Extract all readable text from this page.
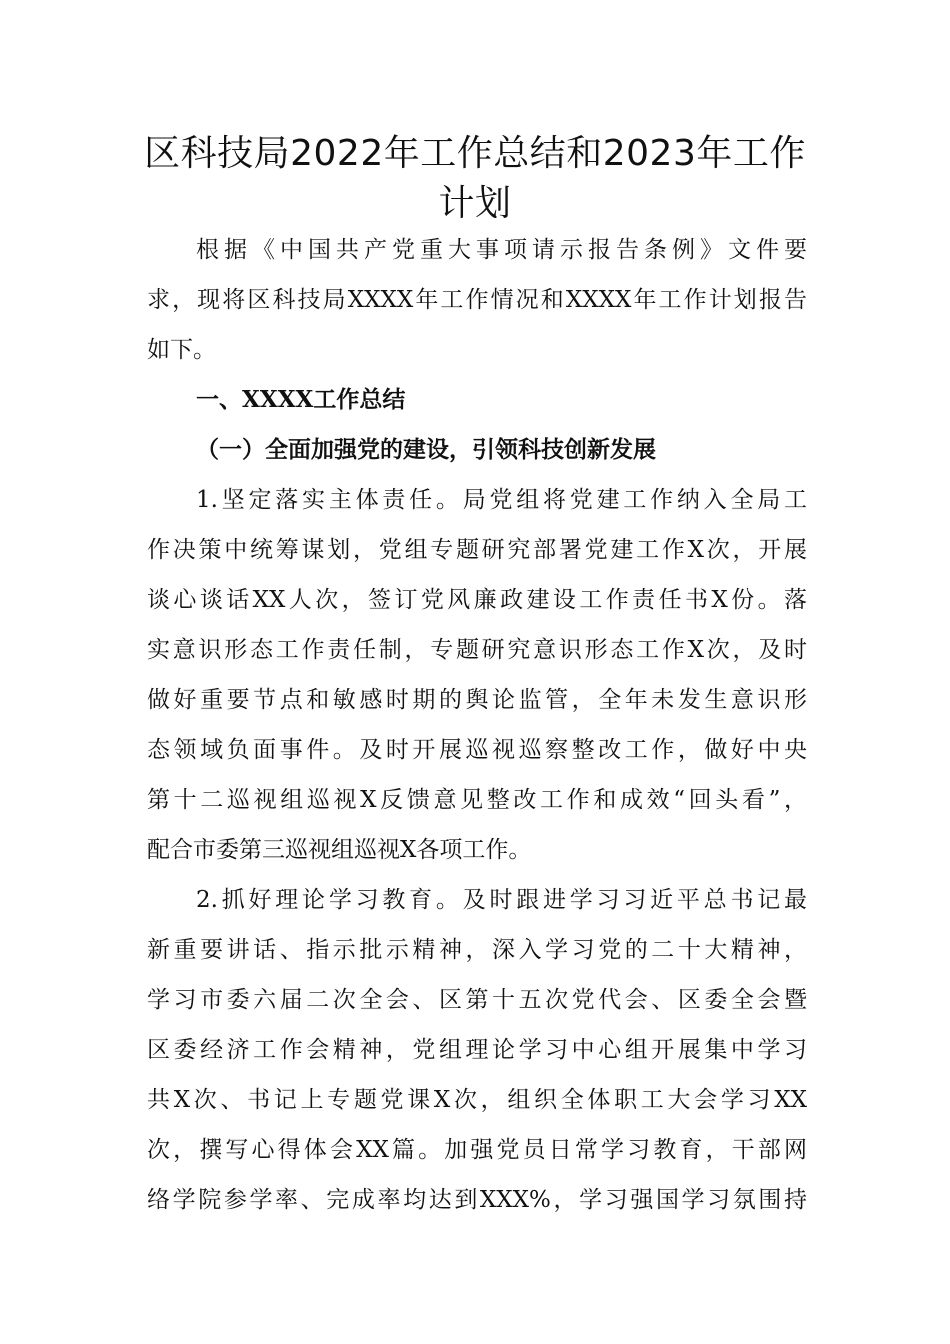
区科技局2022年工作总结和2023年工作
计划
根据《中国共产党重大事项请示报告条例》文件要
求，现将区科技局XXXX年工作情况和XXXX年工作计划报告
如下。
一、XXXX工作总结
（一）全面加强党的建设，引领科技创新发展
1.坚定落实主体责任。局党组将党建工作纳入全局工
作决策中统筹谋划，党组专题研究部署党建工作X次，开展
谈心谈话XX人次，签订党风廉政建设工作责任书X份。落
实意识形态工作责任制，专题研究意识形态工作X次，及时
做好重要节点和敏感时期的舆论监管，全年未发生意识形
态领域负面事件。及时开展巡视巡察整改工作，做好中央
第十二巡视组巡视X反馈意见整改工作和成效“回头看”，
配合市委第三巡视组巡视X各项工作。
2.抓好理论学习教育。及时跟进学习习近平总书记最
新重要讲话、指示批示精神，深入学习党的二十大精神，
学习市委六届二次全会、区第十五次党代会、区委全会暨
区委经济工作会精神，党组理论学习中心组开展集中学习
共X次、书记上专题党课X次，组织全体职工大会学习XX
次，撰写心得体会XX篇。加强党员日常学习教育，干部网
络学院参学率、完成率均达到XXX%，学习强国学习氛围持
